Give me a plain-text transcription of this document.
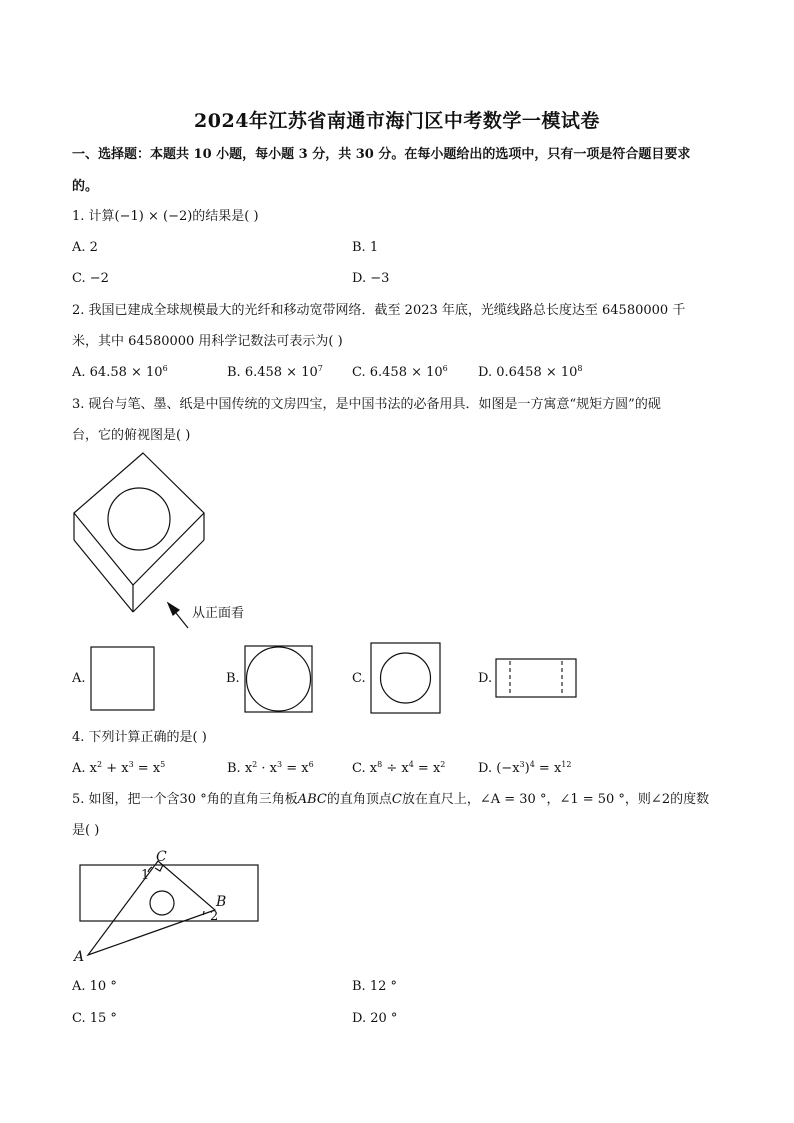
2024年江苏省南通市海门区中考数学一模试卷
一、选择题：本题共 10 小题，每小题 3 分，共 30 分。在每小题给出的选项中，只有一项是符合题目要求
的。
1. 计算(−1) × (−2)的结果是( )
A. 2	B. 1
C. −2	D. −3
2. 我国已建成全球规模最大的光纤和移动宽带网络．截至 2023 年底，光缆线路总长度达至 64580000 千
米，其中 64580000 用科学记数法可表示为( )
A. $64.58 \times 10^6$	B. $6.458 \times 10^7$ C. $6.458 \times 10^6$ D. $0.6458 \times 10^8$
3. 砚台与笔、墨、纸是中国传统的文房四宝，是中国书法的必备用具．如图是一方寓意“规矩方圆”的砚
台，它的俯视图是( )
从正面看
A.	B.	C.	D.
4. 下列计算正确的是( )
A. $x^2 + x^3 = x^5$	B. $x^2 \cdot x^3 = x^6$	C. $x^8 \div x^4 = x^2$	D. $(-x^3)^4 = x^{12}$
5. 如图，把一个含30 °角的直角三角板ABC的直角顶点C放在直尺上，∠A = 30 °，∠1 = 50 °，则∠2的度数
是( )
C
B
A
1
2
A. 10 °	B. 12 °
C. 15 °	D. 20 °
